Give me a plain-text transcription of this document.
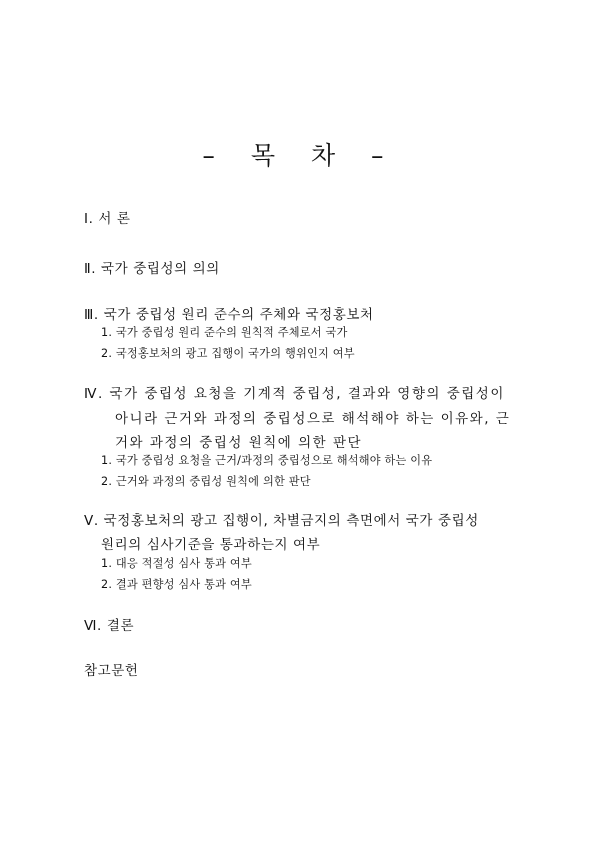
– 목 차 –
Ⅰ. 서 론
Ⅱ. 국가 중립성의 의의
Ⅲ. 국가 중립성 원리 준수의 주체와 국정홍보처
1. 국가 중립성 원리 준수의 원칙적 주체로서 국가
2. 국정홍보처의 광고 집행이 국가의 행위인지 여부
Ⅳ. 국가 중립성 요청을 기계적 중립성, 결과와 영향의 중립성이
아니라 근거와 과정의 중립성으로 해석해야 하는 이유와, 근
거와 과정의 중립성 원칙에 의한 판단
1. 국가 중립성 요청을 근거/과정의 중립성으로 해석해야 하는 이유
2. 근거와 과정의 중립성 원칙에 의한 판단
Ⅴ. 국정홍보처의 광고 집행이, 차별금지의 측면에서 국가 중립성
원리의 심사기준을 통과하는지 여부
1. 대응 적절성 심사 통과 여부
2. 결과 편향성 심사 통과 여부
Ⅵ. 결론
참고문헌
